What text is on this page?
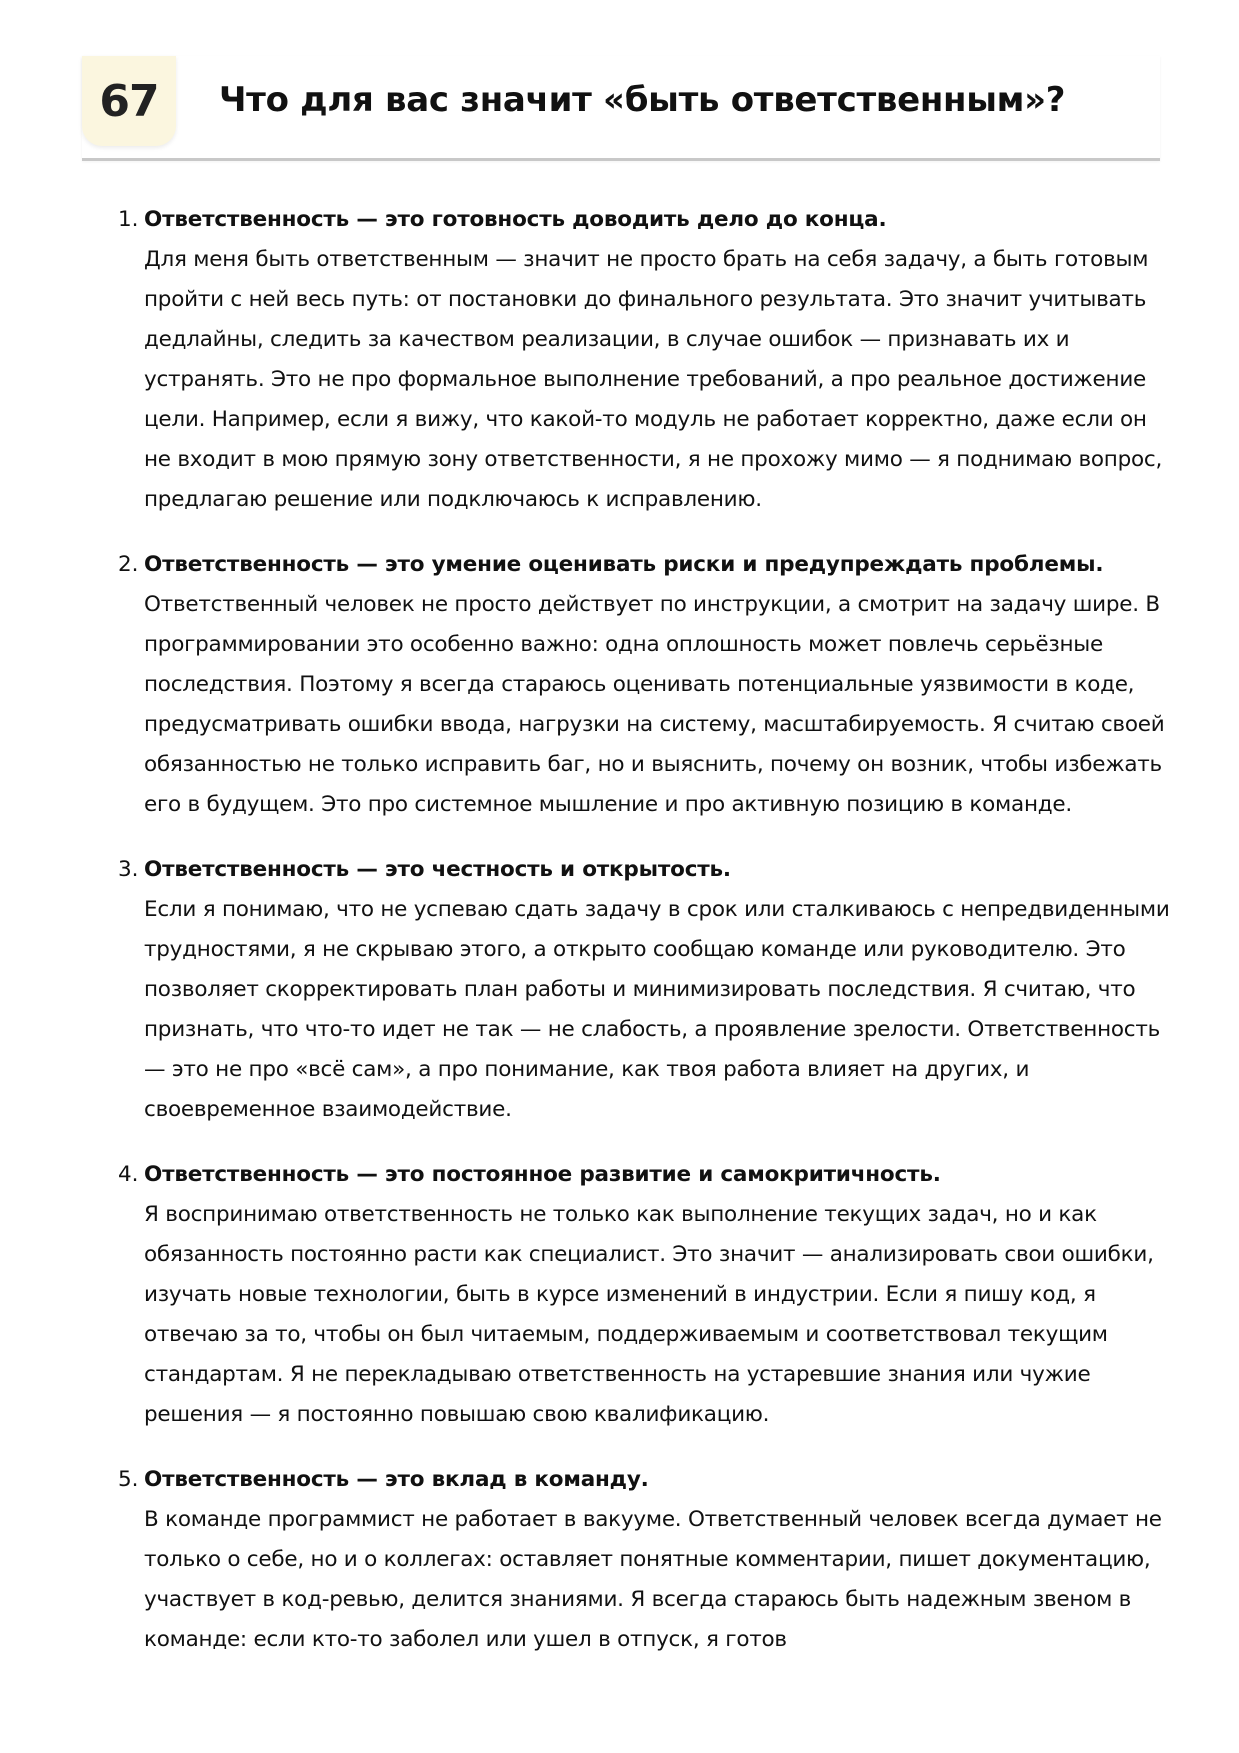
67 Что для вас значит «быть ответственным»?
1. Ответственность — это готовность доводить дело до конца.
Для меня быть ответственным — значит не просто брать на себя задачу, а быть готовым пройти с ней весь путь: от постановки до финального результата. Это значит учитывать дедлайны, следить за качеством реализации, в случае ошибок — признавать их и устранять. Это не про формальное выполнение требований, а про реальное достижение цели. Например, если я вижу, что какой-то модуль не работает корректно, даже если он не входит в мою прямую зону ответственности, я не прохожу мимо — я поднимаю вопрос, предлагаю решение или подключаюсь к исправлению.
2. Ответственность — это умение оценивать риски и предупреждать проблемы.
Ответственный человек не просто действует по инструкции, а смотрит на задачу шире. В программировании это особенно важно: одна оплошность может повлечь серьёзные последствия. Поэтому я всегда стараюсь оценивать потенциальные уязвимости в коде, предусматривать ошибки ввода, нагрузки на систему, масштабируемость. Я считаю своей обязанностью не только исправить баг, но и выяснить, почему он возник, чтобы избежать его в будущем. Это про системное мышление и про активную позицию в команде.
3. Ответственность — это честность и открытость.
Если я понимаю, что не успеваю сдать задачу в срок или сталкиваюсь с непредвиденными трудностями, я не скрываю этого, а открыто сообщаю команде или руководителю. Это позволяет скорректировать план работы и минимизировать последствия. Я считаю, что признать, что что-то идет не так — не слабость, а проявление зрелости. Ответственность — это не про «всё сам», а про понимание, как твоя работа влияет на других, и своевременное взаимодействие.
4. Ответственность — это постоянное развитие и самокритичность.
Я воспринимаю ответственность не только как выполнение текущих задач, но и как обязанность постоянно расти как специалист. Это значит — анализировать свои ошибки, изучать новые технологии, быть в курсе изменений в индустрии. Если я пишу код, я отвечаю за то, чтобы он был читаемым, поддерживаемым и соответствовал текущим стандартам. Я не перекладываю ответственность на устаревшие знания или чужие решения — я постоянно повышаю свою квалификацию.
5. Ответственность — это вклад в команду.
В команде программист не работает в вакууме. Ответственный человек всегда думает не только о себе, но и о коллегах: оставляет понятные комментарии, пишет документацию, участвует в код-ревью, делится знаниями. Я всегда стараюсь быть надежным звеном в команде: если кто-то заболел или ушел в отпуск, я готов
